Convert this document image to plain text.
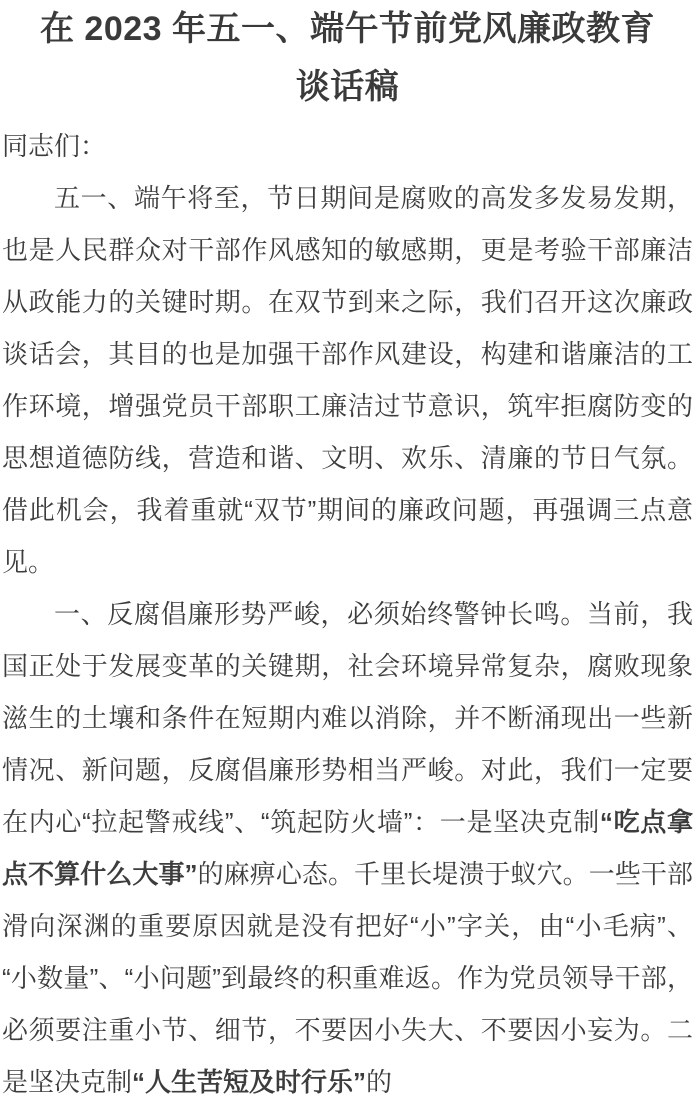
在 2023 年五一、端午节前党风廉政教育
谈话稿

同志们：

五一、端午将至，节日期间是腐败的高发多发易发期，也是人民群众对干部作风感知的敏感期，更是考验干部廉洁从政能力的关键时期。在双节到来之际，我们召开这次廉政谈话会，其目的也是加强干部作风建设，构建和谐廉洁的工作环境，增强党员干部职工廉洁过节意识，筑牢拒腐防变的思想道德防线，营造和谐、文明、欢乐、清廉的节日气氛。借此机会，我着重就“双节”期间的廉政问题，再强调三点意见。

一、反腐倡廉形势严峻，必须始终警钟长鸣。当前，我国正处于发展变革的关键期，社会环境异常复杂，腐败现象滋生的土壤和条件在短期内难以消除，并不断涌现出一些新情况、新问题，反腐倡廉形势相当严峻。对此，我们一定要在内心“拉起警戒线”、“筑起防火墙”：一是坚决克制“吃点拿点不算什么大事”的麻痹心态。千里长堤溃于蚁穴。一些干部滑向深渊的重要原因就是没有把好“小”字关，由“小毛病”、“小数量”、“小问题”到最终的积重难返。作为党员领导干部，必须要注重小节、细节，不要因小失大、不要因小妄为。二是坚决克制“人生苦短及时行乐”的
